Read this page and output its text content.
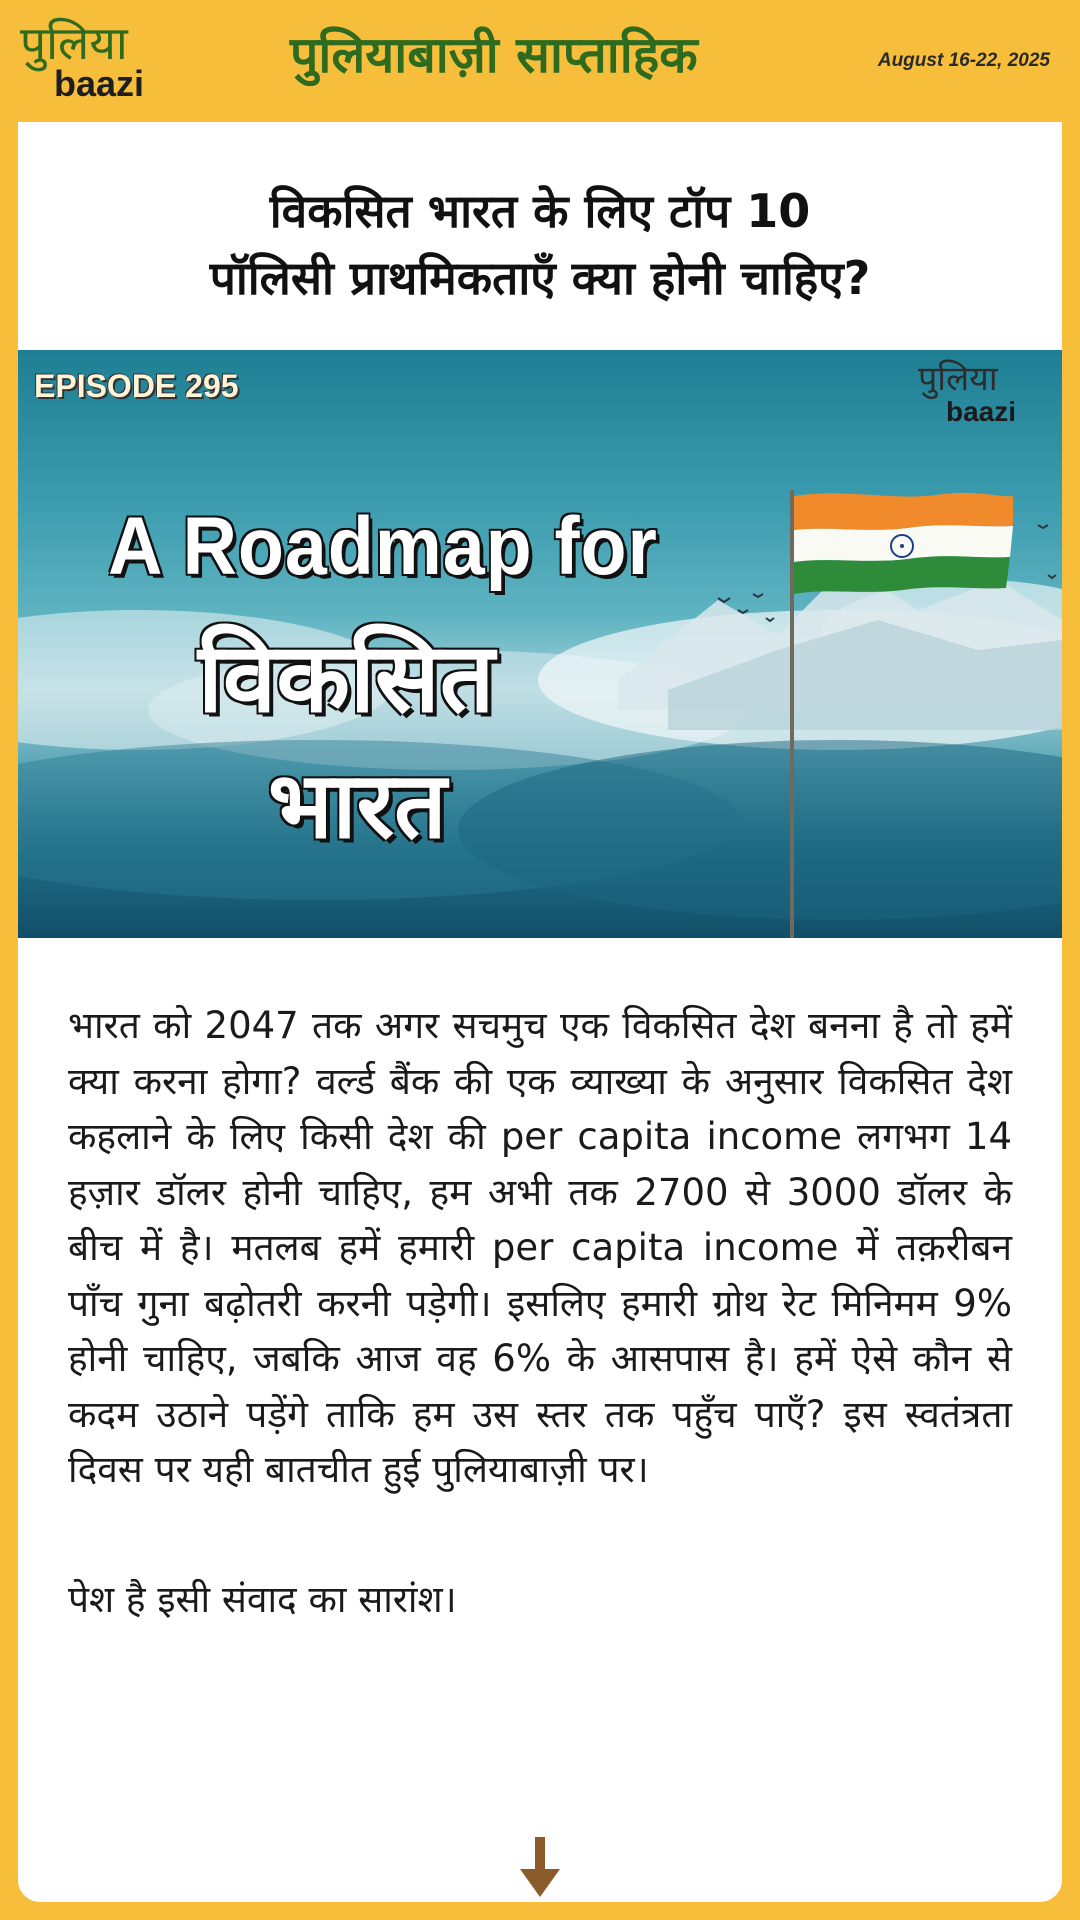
पुलिया
baazi	पुलियाबाज़ी साप्ताहिक	August 16-22, 2025
विकसित भारत के लिए टॉप 10
पॉलिसी प्राथमिकताएँ क्या होनी चाहिए?
EPISODE 295	पुलिया
baazi
A Roadmap for
विकसित
भारत
भारत को 2047 तक अगर सचमुच एक विकसित देश बनना है तो हमें क्या करना होगा? वर्ल्ड बैंक की एक व्याख्या के अनुसार विकसित देश कहलाने के लिए किसी देश की per capita income लगभग 14 हज़ार डॉलर होनी चाहिए, हम अभी तक 2700 से 3000 डॉलर के बीच में है। मतलब हमें हमारी per capita income में तक़रीबन पाँच गुना बढ़ोतरी करनी पड़ेगी। इसलिए हमारी ग्रोथ रेट मिनिमम 9% होनी चाहिए, जबकि आज वह 6% के आसपास है। हमें ऐसे कौन से कदम उठाने पड़ेंगे ताकि हम उस स्तर तक पहुँच पाएँ? इस स्वतंत्रता दिवस पर यही बातचीत हुई पुलियाबाज़ी पर।
पेश है इसी संवाद का सारांश।
